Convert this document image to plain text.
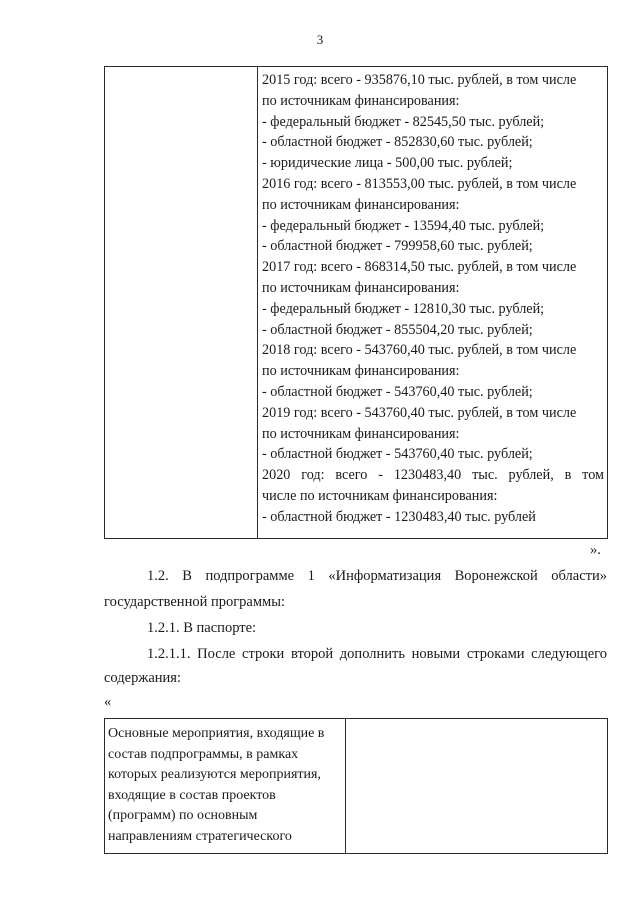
3
2015 год: всего - 935876,10 тыс. рублей, в том числе
по источникам финансирования:
- федеральный бюджет - 82545,50 тыс. рублей;
- областной бюджет - 852830,60 тыс. рублей;
- юридические лица - 500,00 тыс. рублей;
2016 год: всего - 813553,00 тыс. рублей, в том числе
по источникам финансирования:
- федеральный бюджет - 13594,40 тыс. рублей;
- областной бюджет - 799958,60 тыс. рублей;
2017 год: всего - 868314,50 тыс. рублей, в том числе
по источникам финансирования:
- федеральный бюджет - 12810,30 тыс. рублей;
- областной бюджет - 855504,20 тыс. рублей;
2018 год: всего - 543760,40 тыс. рублей, в том числе
по источникам финансирования:
- областной бюджет - 543760,40 тыс. рублей;
2019 год: всего - 543760,40 тыс. рублей, в том числе
по источникам финансирования:
- областной бюджет - 543760,40 тыс. рублей;
2020 год: всего - 1230483,40 тыс. рублей, в том
числе по источникам финансирования:
- областной бюджет - 1230483,40 тыс. рублей
».
1.2. В подпрограмме 1 «Информатизация Воронежской области»
государственной программы:
1.2.1. В паспорте:
1.2.1.1. После строки второй дополнить новыми строками следующего
содержания:
«
Основные мероприятия, входящие в
состав подпрограммы, в рамках
которых реализуются мероприятия,
входящие в состав проектов
(программ) по основным
направлениям стратегического
